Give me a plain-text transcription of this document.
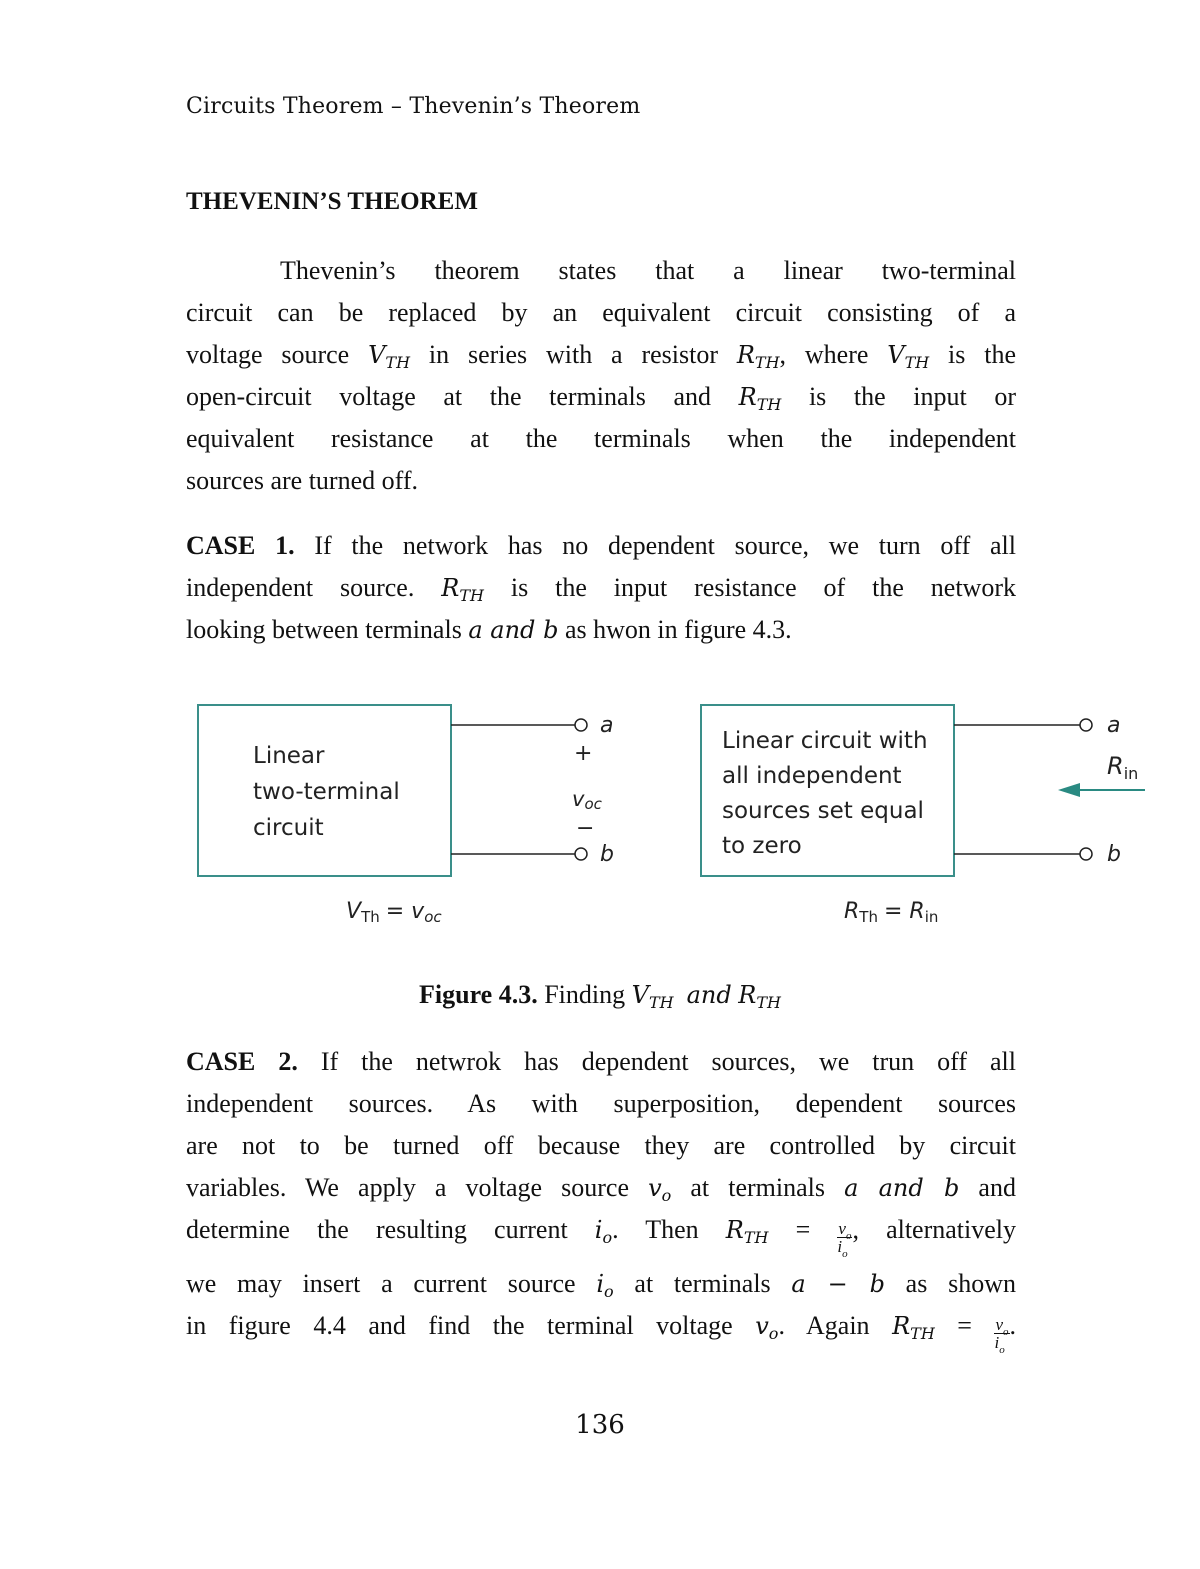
Circuits Theorem – Thevenin’s Theorem
THEVENIN’S THEOREM
Thevenin’s theorem states that a linear two-terminal
circuit can be replaced by an equivalent circuit consisting of a
voltage source $V_{TH}$ in series with a resistor $R_{TH}$, where $V_{TH}$ is the
open-circuit voltage at the terminals and $R_{TH}$ is the input or
equivalent resistance at the terminals when the independent
sources are turned off.
CASE 1. If the network has no dependent source, we turn off all
independent source. $R_{TH}$ is the input resistance of the network
looking between terminals a and b as hwon in figure 4.3.
Linear
two-terminal
circuit
a
b
+
voc
−
VTh = voc
Linear circuit with
all independent
sources set equal
to zero
a
b
$R_{in}$
RTh = Rin
Figure 4.3. Finding $V_{TH}$ and $R_{TH}$
CASE 2. If the netwrok has dependent sources, we trun off all
independent sources. As with superposition, dependent sources
are not to be turned off because they are controlled by circuit
variables. We apply a voltage source $v_o$ at terminals a and b and
determine the resulting current $i_o$. Then $R_{TH} = \frac{v_o}{i_o}$ , alternatively
we may insert a current source $i_o$ at terminals a − b as shown
in figure 4.4 and find the terminal voltage $v_o$. Again $R_{TH} = \frac{v_o}{i_o}$ .
136
